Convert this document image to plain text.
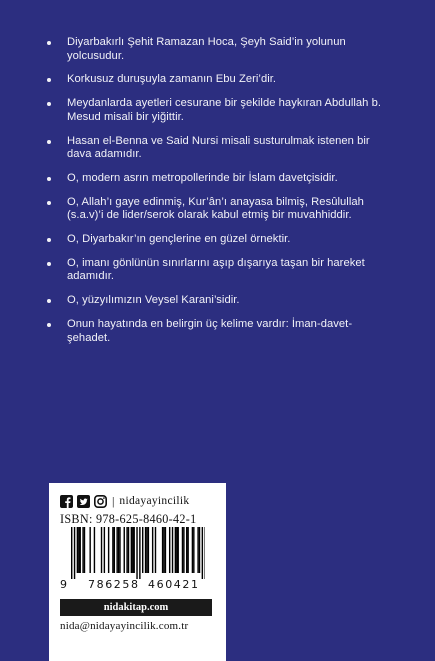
Diyarbakırlı Şehit Ramazan Hoca, Şeyh Said’in yolunun yolcusudur.
Korkusuz duruşuyla zamanın Ebu Zeri’dir.
Meydanlarda ayetleri cesurane bir şekilde haykıran Abdullah b. Mesud misali bir yiğittir.
Hasan el-Benna ve Said Nursi misali susturulmak istenen bir dava adamıdır.
O, modern asrın metropollerinde bir İslam davetçisidir.
O, Allah’ı gaye edinmiş, Kur’ân’ı anayasa bilmiş, Resûlullah (s.a.v)’i de lider/serok olarak kabul etmiş bir muvahhiddir.
O, Diyarbakır’ın gençlerine en güzel örnektir.
O, imanı gönlünün sınırlarını aşıp dışarıya taşan bir hareket adamıdır.
O, yüzyılımızın Veysel Karani’sidir.
Onun hayatında en belirgin üç kelime vardır: İman-davet-şehadet.
| nidayayincilik
ISBN: 978-625-8460-42-1
9 786258 460421
nidakitap.com
nida@nidayayincilik.com.tr
